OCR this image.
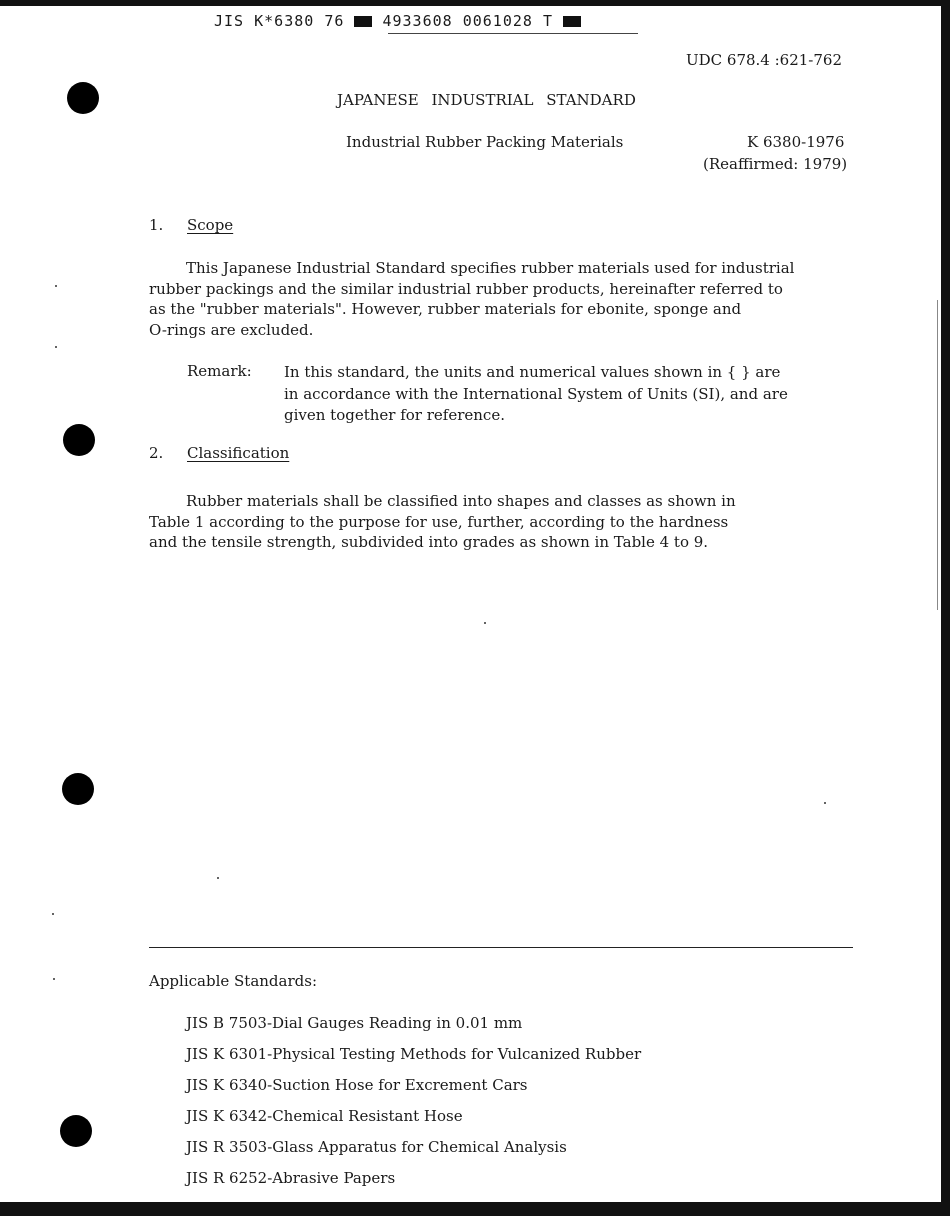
JIS K*6380 76	4933608 0061028 T
UDC 678.4 :621-762
JAPANESE INDUSTRIAL STANDARD
Industrial Rubber Packing Materials	K 6380-1976
(Reaffirmed: 1979)
1. Scope
This Japanese Industrial Standard specifies rubber materials used for industrial
rubber packings and the similar industrial rubber products, hereinafter referred to
as the "rubber materials". However, rubber materials for ebonite, sponge and
O-rings are excluded.
Remark: In this standard, the units and numerical values shown in { } are
in accordance with the International System of Units (SI), and are
given together for reference.
2. Classification
Rubber materials shall be classified into shapes and classes as shown in
Table 1 according to the purpose for use, further, according to the hardness
and the tensile strength, subdivided into grades as shown in Table 4 to 9.
Applicable Standards:
JIS B 7503-Dial Gauges Reading in 0.01 mm
JIS K 6301-Physical Testing Methods for Vulcanized Rubber
JIS K 6340-Suction Hose for Excrement Cars
JIS K 6342-Chemical Resistant Hose
JIS R 3503-Glass Apparatus for Chemical Analysis
JIS R 6252-Abrasive Papers
